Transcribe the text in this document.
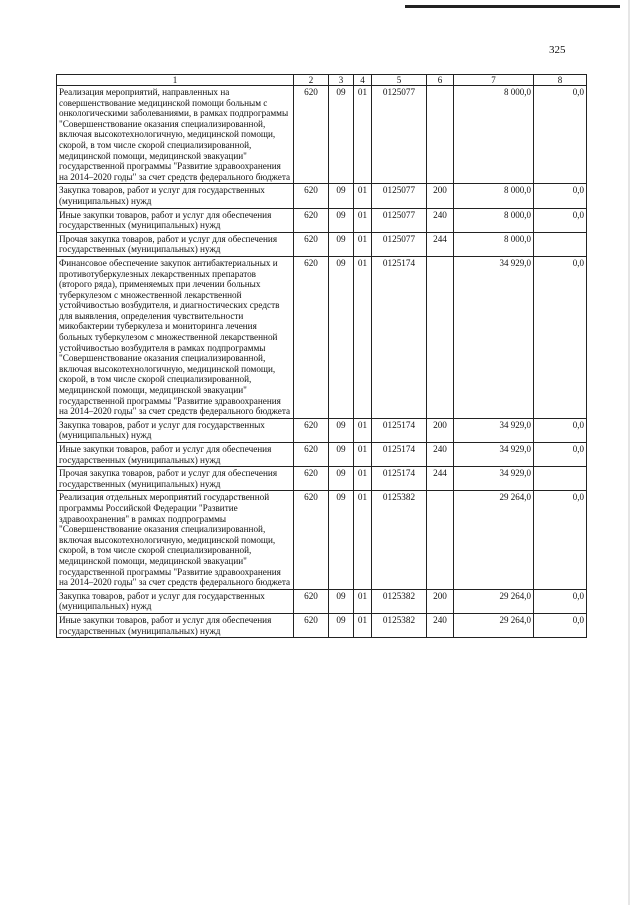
325
1	2	3	4	5	6	7	8
Реализация мероприятий, направленных на совершенствование медицинской помощи больным с онкологическими заболеваниями, в рамках подпрограммы "Совершенствование оказания специализированной, включая высокотехнологичную, медицинской помощи, скорой, в том числе скорой специализированной, медицинской помощи, медицинской эвакуации" государственной программы "Развитие здравоохранения на 2014–2020 годы" за счет средств федерального бюджета	620	09	01	0125077		8 000,0	0,0
Закупка товаров, работ и услуг для государственных (муниципальных) нужд	620	09	01	0125077	200	8 000,0	0,0
Иные закупки товаров, работ и услуг для обеспечения государственных (муниципальных) нужд	620	09	01	0125077	240	8 000,0	0,0
Прочая закупка товаров, работ и услуг для обеспечения государственных (муниципальных) нужд	620	09	01	0125077	244	8 000,0	
Финансовое обеспечение закупок антибактериальных и противотуберкулезных лекарственных препаратов (второго ряда), применяемых при лечении больных туберкулезом с множественной лекарственной устойчивостью возбудителя, и диагностических средств для выявления, определения чувствительности микобактерии туберкулеза и мониторинга лечения больных туберкулезом с множественной лекарственной устойчивостью возбудителя в рамках подпрограммы "Совершенствование оказания специализированной, включая высокотехнологичную, медицинской помощи, скорой, в том числе скорой специализированной, медицинской помощи, медицинской эвакуации" государственной программы "Развитие здравоохранения на 2014–2020 годы" за счет средств федерального бюджета	620	09	01	0125174		34 929,0	0,0
Закупка товаров, работ и услуг для государственных (муниципальных) нужд	620	09	01	0125174	200	34 929,0	0,0
Иные закупки товаров, работ и услуг для обеспечения государственных (муниципальных) нужд	620	09	01	0125174	240	34 929,0	0,0
Прочая закупка товаров, работ и услуг для обеспечения государственных (муниципальных) нужд	620	09	01	0125174	244	34 929,0	
Реализация отдельных мероприятий государственной программы Российской Федерации "Развитие здравоохранения" в рамках подпрограммы "Совершенствование оказания специализированной, включая высокотехнологичную, медицинской помощи, скорой, в том числе скорой специализированной, медицинской помощи, медицинской эвакуации" государственной программы "Развитие здравоохранения на 2014–2020 годы" за счет средств федерального бюджета	620	09	01	0125382		29 264,0	0,0
Закупка товаров, работ и услуг для государственных (муниципальных) нужд	620	09	01	0125382	200	29 264,0	0,0
Иные закупки товаров, работ и услуг для обеспечения государственных (муниципальных) нужд	620	09	01	0125382	240	29 264,0	0,0
